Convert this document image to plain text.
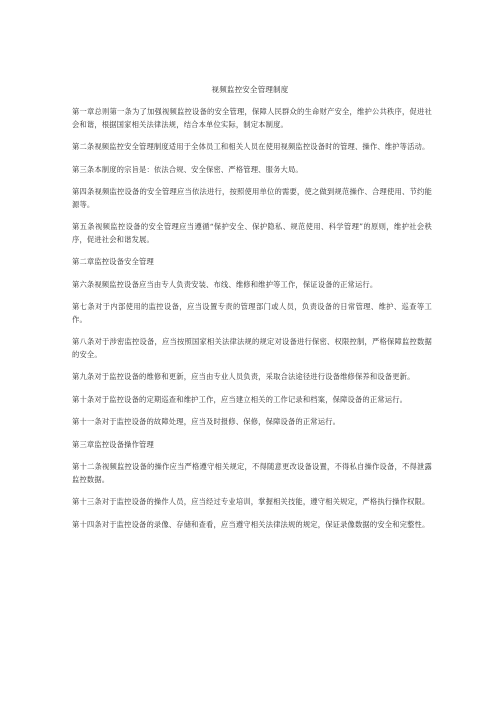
视频监控安全管理制度

第一章总则第一条为了加强视频监控设备的安全管理，保障人民群众的生命财产安全，维护公共秩序，促进社会和谐，根据国家相关法律法规，结合本单位实际，制定本制度。

第二条视频监控安全管理制度适用于全体员工和相关人员在使用视频监控设备时的管理、操作、维护等活动。

第三条本制度的宗旨是：依法合规、安全保密、严格管理、服务大局。

第四条视频监控设备的安全管理应当依法进行，按照使用单位的需要，使之做到规范操作、合理使用、节约能源等。

第五条视频监控设备的安全管理应当遵循“保护安全、保护隐私、规范使用、科学管理”的原则，维护社会秩序，促进社会和谐发展。

第二章监控设备安全管理

第六条视频监控设备应当由专人负责安装、布线、维修和维护等工作，保证设备的正常运行。

第七条对于内部使用的监控设备，应当设置专责的管理部门或人员，负责设备的日常管理、维护、巡查等工作。

第八条对于涉密监控设备，应当按照国家相关法律法规的规定对设备进行保密、权限控制，严格保障监控数据的安全。

第九条对于监控设备的维修和更新，应当由专业人员负责，采取合法途径进行设备维修保养和设备更新。

第十条对于监控设备的定期巡查和维护工作，应当建立相关的工作记录和档案，保障设备的正常运行。

第十一条对于监控设备的故障处理，应当及时报修、保修，保障设备的正常运行。

第三章监控设备操作管理

第十二条视频监控设备的操作应当严格遵守相关规定，不得随意更改设备设置，不得私自操作设备，不得泄露监控数据。

第十三条对于监控设备的操作人员，应当经过专业培训，掌握相关技能，遵守相关规定，严格执行操作权限。

第十四条对于监控设备的录像、存储和查看，应当遵守相关法律法规的规定，保证录像数据的安全和完整性。
